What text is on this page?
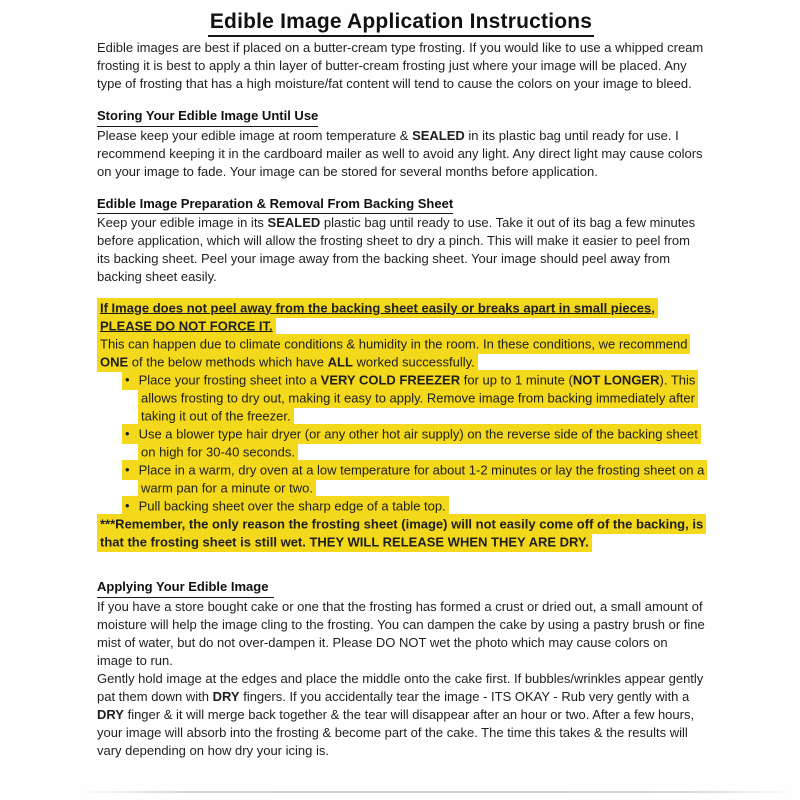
Edible Image Application Instructions

Edible images are best if placed on a butter-cream type frosting. If you would like to use a whipped cream frosting it is best to apply a thin layer of butter-cream frosting just where your image will be placed. Any type of frosting that has a high moisture/fat content will tend to cause the colors on your image to bleed.

Storing Your Edible Image Until Use

Please keep your edible image at room temperature & SEALED in its plastic bag until ready for use. I recommend keeping it in the cardboard mailer as well to avoid any light. Any direct light may cause colors on your image to fade. Your image can be stored for several months before application.

Edible Image Preparation & Removal From Backing Sheet

Keep your edible image in its SEALED plastic bag until ready to use. Take it out of its bag a few minutes before application, which will allow the frosting sheet to dry a pinch. This will make it easier to peel from its backing sheet. Peel your image away from the backing sheet. Your image should peel away from backing sheet easily.

If Image does not peel away from the backing sheet easily or breaks apart in small pieces, PLEASE DO NOT FORCE IT.

This can happen due to climate conditions & humidity in the room. In these conditions, we recommend ONE of the below methods which have ALL worked successfully.

• Place your frosting sheet into a VERY COLD FREEZER for up to 1 minute (NOT LONGER). This allows frosting to dry out, making it easy to apply. Remove image from backing immediately after taking it out of the freezer.
• Use a blower type hair dryer (or any other hot air supply) on the reverse side of the backing sheet on high for 30-40 seconds.
• Place in a warm, dry oven at a low temperature for about 1-2 minutes or lay the frosting sheet on a warm pan for a minute or two.
• Pull backing sheet over the sharp edge of a table top.

***Remember, the only reason the frosting sheet (image) will not easily come off of the backing, is that the frosting sheet is still wet. THEY WILL RELEASE WHEN THEY ARE DRY.

Applying Your Edible Image

If you have a store bought cake or one that the frosting has formed a crust or dried out, a small amount of moisture will help the image cling to the frosting. You can dampen the cake by using a pastry brush or fine mist of water, but do not over-dampen it. Please DO NOT wet the photo which may cause colors on image to run.

Gently hold image at the edges and place the middle onto the cake first. If bubbles/wrinkles appear gently pat them down with DRY fingers. If you accidentally tear the image - ITS OKAY - Rub very gently with a DRY finger & it will merge back together & the tear will disappear after an hour or two. After a few hours, your image will absorb into the frosting & become part of the cake. The time this takes & the results will vary depending on how dry your icing is.
